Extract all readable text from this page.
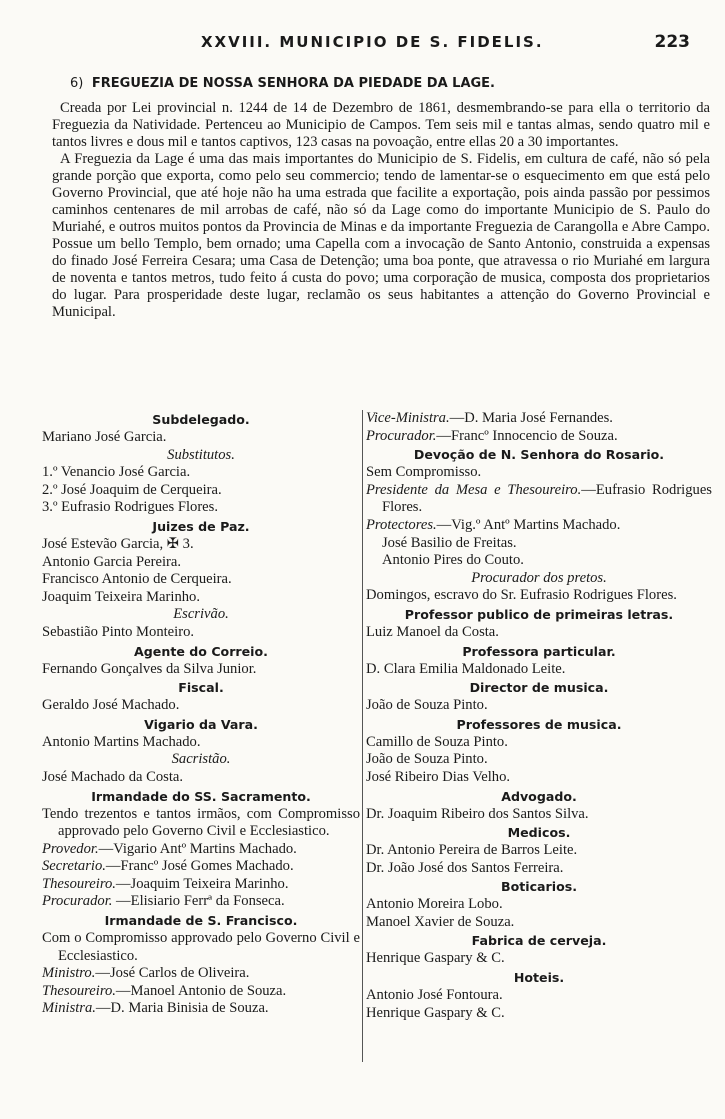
XXVIII. MUNICIPIO DE S. FIDELIS.	223
6) FREGUEZIA DE NOSSA SENHORA DA PIEDADE DA LAGE.

Creada por Lei provincial n. 1244 de 14 de Dezembro de 1861, desmembrando-se para ella o territorio da Freguezia da Natividade. Pertenceu ao Municipio de Campos. Tem seis mil e tantas almas, sendo quatro mil e tantos livres e dous mil e tantos captivos, 123 casas na povoação, entre ellas 20 a 30 importantes.

A Freguezia da Lage é uma das mais importantes do Municipio de S. Fidelis, em cultura de café, não só pela grande porção que exporta, como pelo seu commercio; tendo de lamentar-se o esquecimento em que está pelo Governo Provincial, que até hoje não ha uma estrada que facilite a exportação, pois ainda passão por pessimos caminhos centenares de mil arrobas de café, não só da Lage como do importante Municipio de S. Paulo do Muriahé, e outros muitos pontos da Provincia de Minas e da importante Freguezia de Carangolla e Abre Campo. Possue um bello Templo, bem ornado; uma Capella com a invocação de Santo Antonio, construida a expensas do finado José Ferreira Cesara; uma Casa de Detenção; uma boa ponte, que atravessa o rio Muriahé em largura de noventa e tantos metros, tudo feito á custa do povo; uma corporação de musica, composta dos proprietarios do lugar. Para prosperidade deste lugar, reclamão os seus habitantes a attenção do Governo Provincial e Municipal.

Subdelegado.
Mariano José Garcia.
Substitutos.
1.º Venancio José Garcia.
2.º José Joaquim de Cerqueira.
3.º Eufrasio Rodrigues Flores.
Juizes de Paz.
José Estevão Garcia, ✠ 3.
Antonio Garcia Pereira.
Francisco Antonio de Cerqueira.
Joaquim Teixeira Marinho.
Escrivão.
Sebastião Pinto Monteiro.
Agente do Correio.
Fernando Gonçalves da Silva Junior.
Fiscal.
Geraldo José Machado.
Vigario da Vara.
Antonio Martins Machado.
Sacristão.
José Machado da Costa.
Irmandade do SS. Sacramento.
Tendo trezentos e tantos irmãos, com Compromisso approvado pelo Governo Civil e Ecclesiastico.
Provedor.—Vigario Antº Martins Machado.
Secretario.—Francº José Gomes Machado.
Thesoureiro.—Joaquim Teixeira Marinho.
Procurador. —Elisiario Ferrª da Fonseca.
Irmandade de S. Francisco.
Com o Compromisso approvado pelo Governo Civil e Ecclesiastico.
Ministro.—José Carlos de Oliveira.
Thesoureiro.—Manoel Antonio de Souza.
Ministra.—D. Maria Binisia de Souza.
Vice-Ministra.—D. Maria José Fernandes.
Procurador.—Francº Innocencio de Souza.
Devoção de N. Senhora do Rosario.
Sem Compromisso.
Presidente da Mesa e Thesoureiro.—Eufrasio Rodrigues Flores.
Protectores.—Vig.º Antº Martins Machado.
José Basilio de Freitas.
Antonio Pires do Couto.
Procurador dos pretos.
Domingos, escravo do Sr. Eufrasio Rodrigues Flores.
Professor publico de primeiras letras.
Luiz Manoel da Costa.
Professora particular.
D. Clara Emilia Maldonado Leite.
Director de musica.
João de Souza Pinto.
Professores de musica.
Camillo de Souza Pinto.
João de Souza Pinto.
José Ribeiro Dias Velho.
Advogado.
Dr. Joaquim Ribeiro dos Santos Silva.
Medicos.
Dr. Antonio Pereira de Barros Leite.
Dr. João José dos Santos Ferreira.
Boticarios.
Antonio Moreira Lobo.
Manoel Xavier de Souza.
Fabrica de cerveja.
Henrique Gaspary & C.
Hoteis.
Antonio José Fontoura.
Henrique Gaspary & C.
